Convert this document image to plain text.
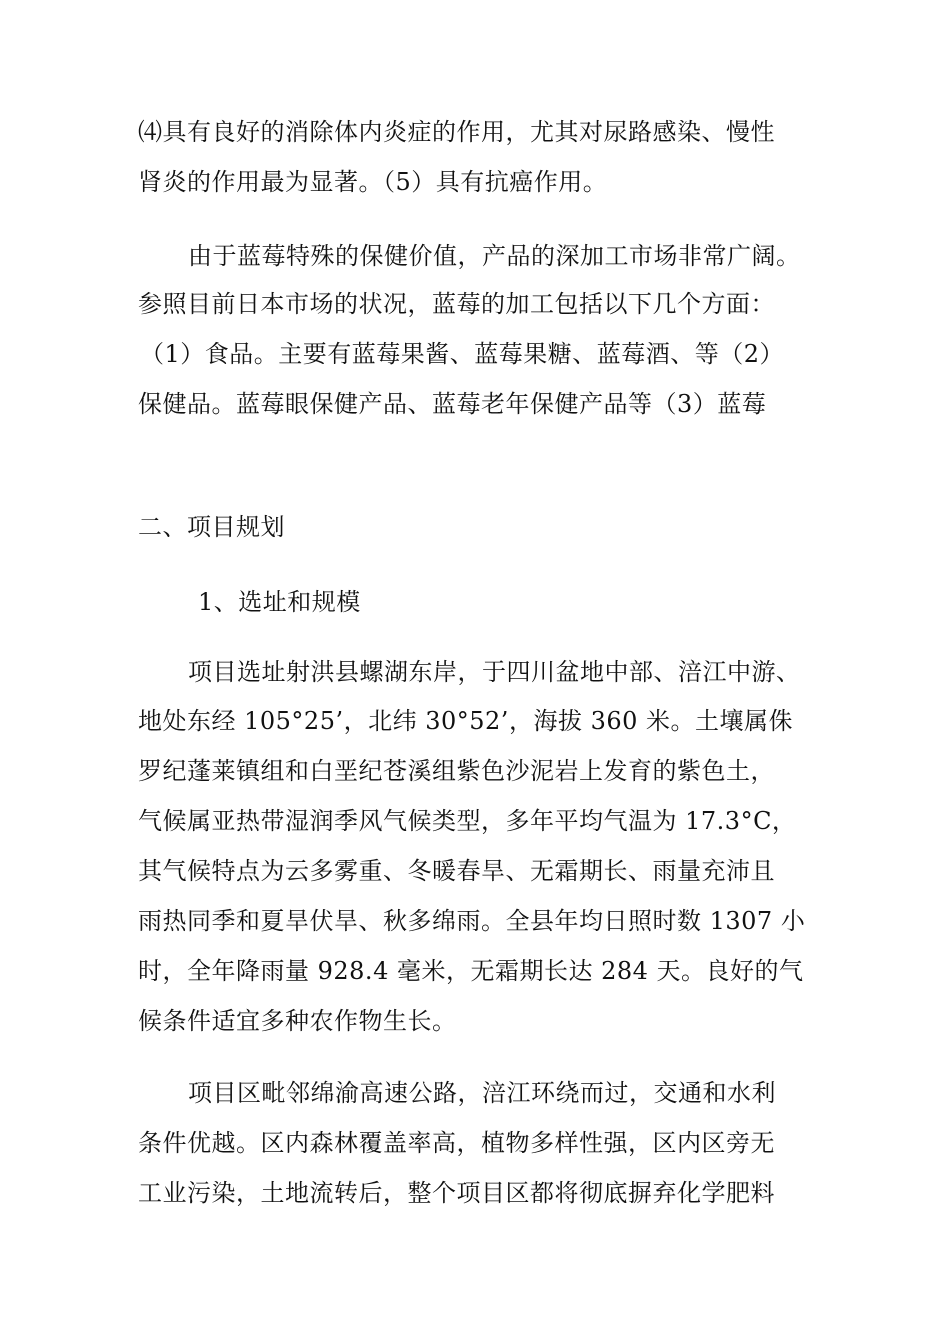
⑷具有良好的消除体内炎症的作用，尤其对尿路感染、慢性
肾炎的作用最为显著。（5）具有抗癌作用。
由于蓝莓特殊的保健价值，产品的深加工市场非常广阔。
参照目前日本市场的状况，蓝莓的加工包括以下几个方面：
（1）食品。主要有蓝莓果酱、蓝莓果糖、蓝莓酒、等（2）
保健品。蓝莓眼保健产品、蓝莓老年保健产品等（3）蓝莓
二、项目规划
1、选址和规模
项目选址射洪县螺湖东岸，于四川盆地中部、涪江中游、
地处东经 105°25’，北纬 30°52’，海拔 360 米。土壤属侏
罗纪蓬莱镇组和白垩纪苍溪组紫色沙泥岩上发育的紫色土，
气候属亚热带湿润季风气候类型，多年平均气温为 17.3°C，
其气候特点为云多雾重、冬暖春旱、无霜期长、雨量充沛且
雨热同季和夏旱伏旱、秋多绵雨。全县年均日照时数 1307 小
时，全年降雨量 928.4 毫米，无霜期长达 284 天。良好的气
候条件适宜多种农作物生长。
项目区毗邻绵渝高速公路，涪江环绕而过，交通和水利
条件优越。区内森林覆盖率高，植物多样性强，区内区旁无
工业污染，土地流转后，整个项目区都将彻底摒弃化学肥料
